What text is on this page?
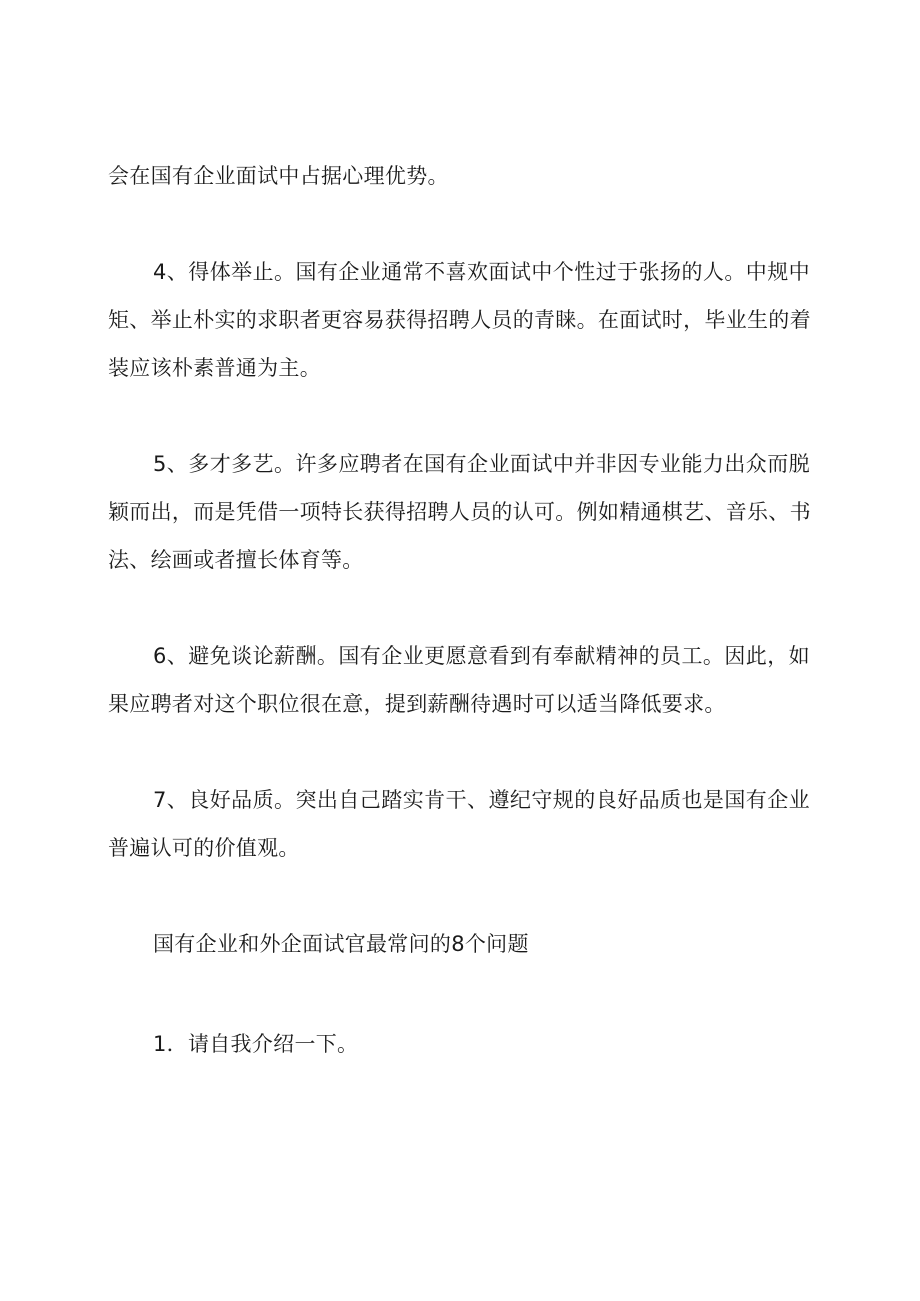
会在国有企业面试中占据心理优势。

4、得体举止。国有企业通常不喜欢面试中个性过于张扬的人。中规中

矩、举止朴实的求职者更容易获得招聘人员的青睐。在面试时，毕业生的着

装应该朴素普通为主。

5、多才多艺。许多应聘者在国有企业面试中并非因专业能力出众而脱

颖而出，而是凭借一项特长获得招聘人员的认可。例如精通棋艺、音乐、书

法、绘画或者擅长体育等。

6、避免谈论薪酬。国有企业更愿意看到有奉献精神的员工。因此，如

果应聘者对这个职位很在意，提到薪酬待遇时可以适当降低要求。

7、良好品质。突出自己踏实肯干、遵纪守规的良好品质也是国有企业

普遍认可的价值观。

国有企业和外企面试官最常问的8个问题

1．请自我介绍一下。
